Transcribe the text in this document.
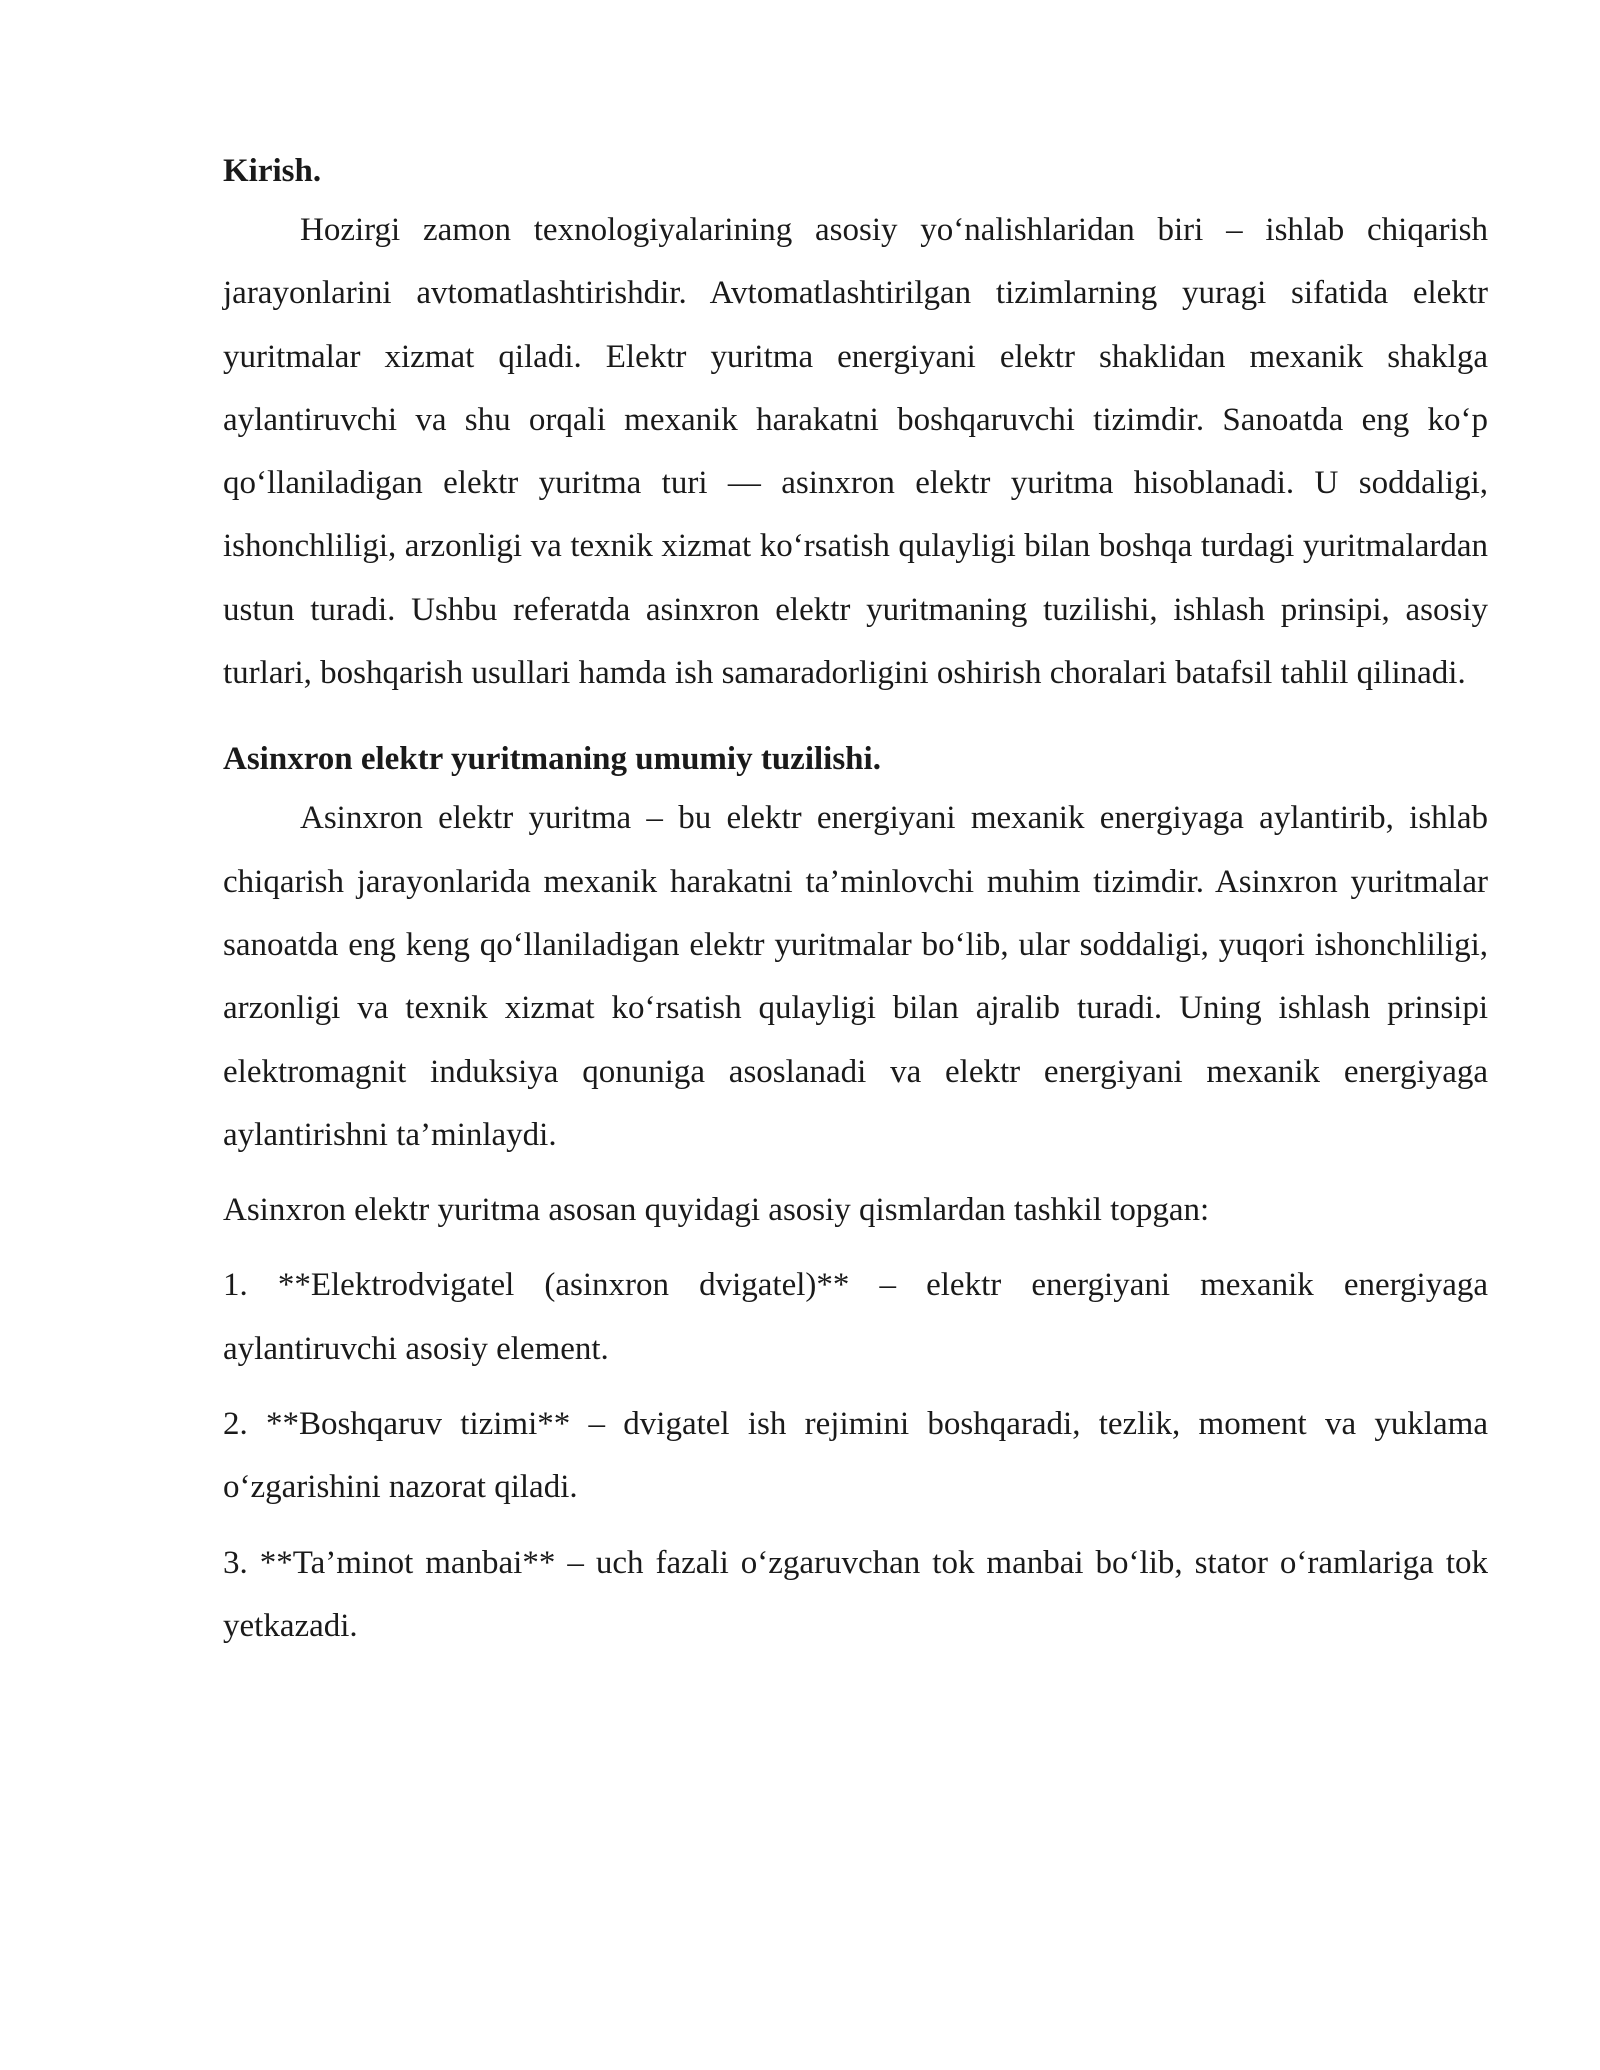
Kirish.

Hozirgi zamon texnologiyalarining asosiy yo‘nalishlaridan biri – ishlab chiqarish jarayonlarini avtomatlashtirishdir. Avtomatlashtirilgan tizimlarning yuragi sifatida elektr yuritmalar xizmat qiladi. Elektr yuritma energiyani elektr shaklidan mexanik shaklga aylantiruvchi va shu orqali mexanik harakatni boshqaruvchi tizimdir. Sanoatda eng ko‘p qo‘llaniladigan elektr yuritma turi — asinxron elektr yuritma hisoblanadi. U soddaligi, ishonchliligi, arzonligi va texnik xizmat ko‘rsatish qulayligi bilan boshqa turdagi yuritmalardan ustun turadi. Ushbu referatda asinxron elektr yuritmaning tuzilishi, ishlash prinsipi, asosiy turlari, boshqarish usullari hamda ish samaradorligini oshirish choralari batafsil tahlil qilinadi.

Asinxron elektr yuritmaning umumiy tuzilishi.

Asinxron elektr yuritma – bu elektr energiyani mexanik energiyaga aylantirib, ishlab chiqarish jarayonlarida mexanik harakatni ta’minlovchi muhim tizimdir. Asinxron yuritmalar sanoatda eng keng qo‘llaniladigan elektr yuritmalar bo‘lib, ular soddaligi, yuqori ishonchliligi, arzonligi va texnik xizmat ko‘rsatish qulayligi bilan ajralib turadi. Uning ishlash prinsipi elektromagnit induksiya qonuniga asoslanadi va elektr energiyani mexanik energiyaga aylantirishni ta’minlaydi.

Asinxron elektr yuritma asosan quyidagi asosiy qismlardan tashkil topgan:

1. **Elektrodvigatel (asinxron dvigatel)** – elektr energiyani mexanik energiyaga aylantiruvchi asosiy element.

2. **Boshqaruv tizimi** – dvigatel ish rejimini boshqaradi, tezlik, moment va yuklama o‘zgarishini nazorat qiladi.

3. **Ta’minot manbai** – uch fazali o‘zgaruvchan tok manbai bo‘lib, stator o‘ramlariga tok yetkazadi.
